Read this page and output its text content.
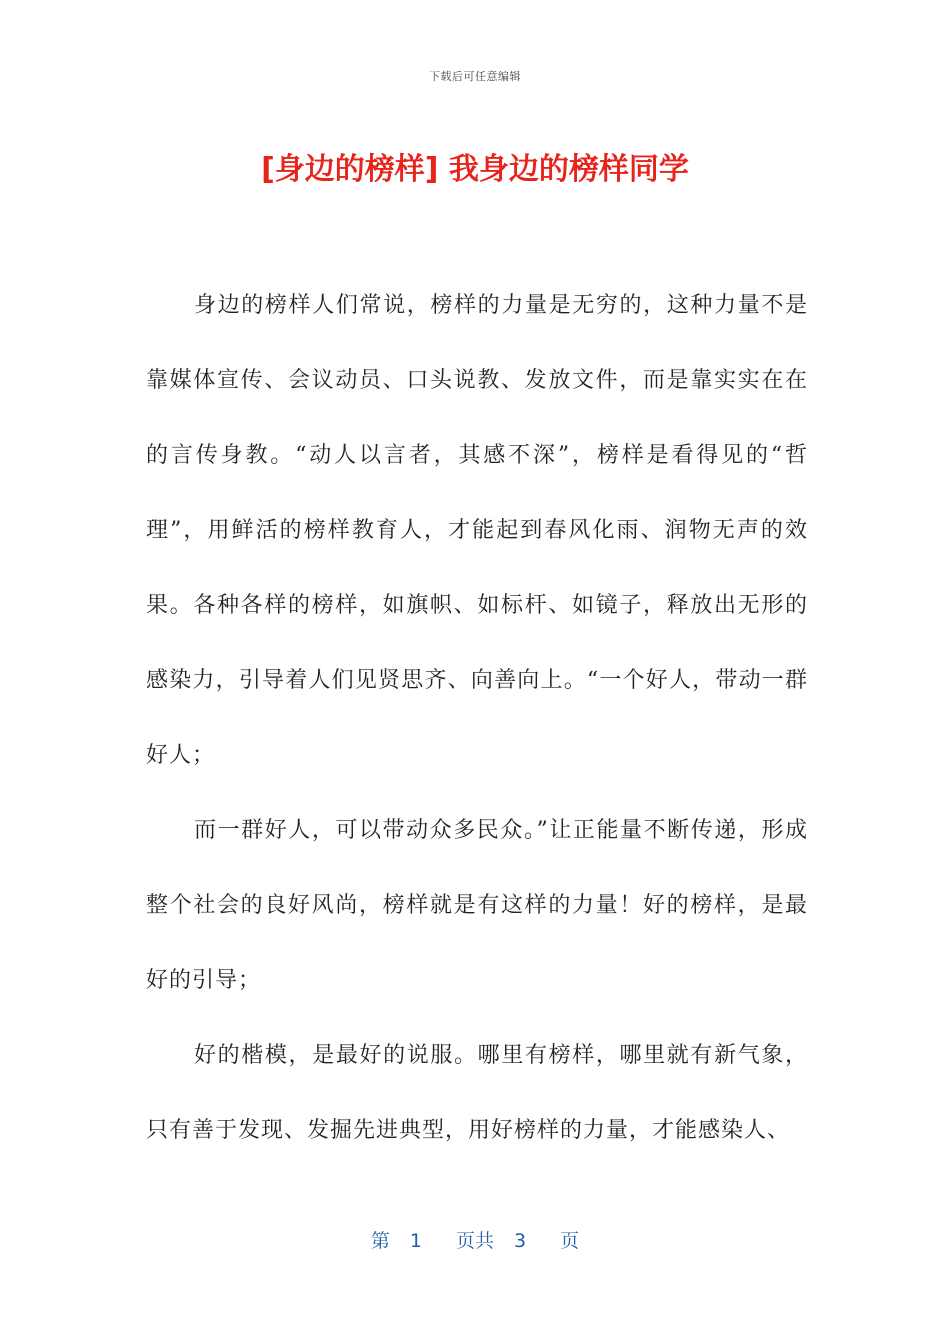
下载后可任意编辑
[身边的榜样] 我身边的榜样同学

身边的榜样人们常说，榜样的力量是无穷的，这种力量不是靠媒体宣传、会议动员、口头说教、发放文件，而是靠实实在在的言传身教。“动人以言者，其感不深”，榜样是看得见的“哲理”，用鲜活的榜样教育人，才能起到春风化雨、润物无声的效果。各种各样的榜样，如旗帜、如标杆、如镜子，释放出无形的感染力，引导着人们见贤思齐、向善向上。“一个好人，带动一群好人；

而一群好人，可以带动众多民众。”让正能量不断传递，形成整个社会的良好风尚，榜样就是有这样的力量！好的榜样，是最好的引导；

好的楷模，是最好的说服。哪里有榜样，哪里就有新气象，只有善于发现、发掘先进典型，用好榜样的力量，才能感染人、

第 1 页共 3 页
